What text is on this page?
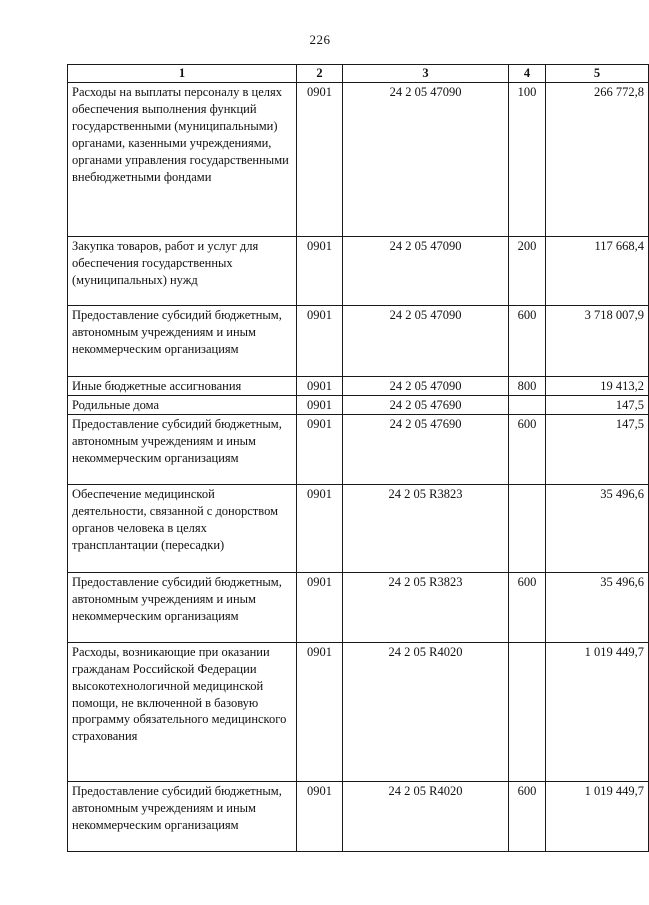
226
1	2	3	4	5
Расходы на выплаты персоналу в целях обеспечения выполнения функций государственными (муниципальными) органами, казенными учреждениями, органами управления государственными внебюджетными фондами	0901	24 2 05 47090	100	266 772,8
Закупка товаров, работ и услуг для обеспечения государственных (муниципальных) нужд	0901	24 2 05 47090	200	117 668,4
Предоставление субсидий бюджетным, автономным учреждениям и иным некоммерческим организациям	0901	24 2 05 47090	600	3 718 007,9
Иные бюджетные ассигнования	0901	24 2 05 47090	800	19 413,2
Родильные дома	0901	24 2 05 47690		147,5
Предоставление субсидий бюджетным, автономным учреждениям и иным некоммерческим организациям	0901	24 2 05 47690	600	147,5
Обеспечение медицинской деятельности, связанной с донорством органов человека в целях трансплантации (пересадки)	0901	24 2 05 R3823		35 496,6
Предоставление субсидий бюджетным, автономным учреждениям и иным некоммерческим организациям	0901	24 2 05 R3823	600	35 496,6
Расходы, возникающие при оказании гражданам Российской Федерации высокотехнологичной медицинской помощи, не включенной в базовую программу обязательного медицинского страхования	0901	24 2 05 R4020		1 019 449,7
Предоставление субсидий бюджетным, автономным учреждениям и иным некоммерческим организациям	0901	24 2 05 R4020	600	1 019 449,7
